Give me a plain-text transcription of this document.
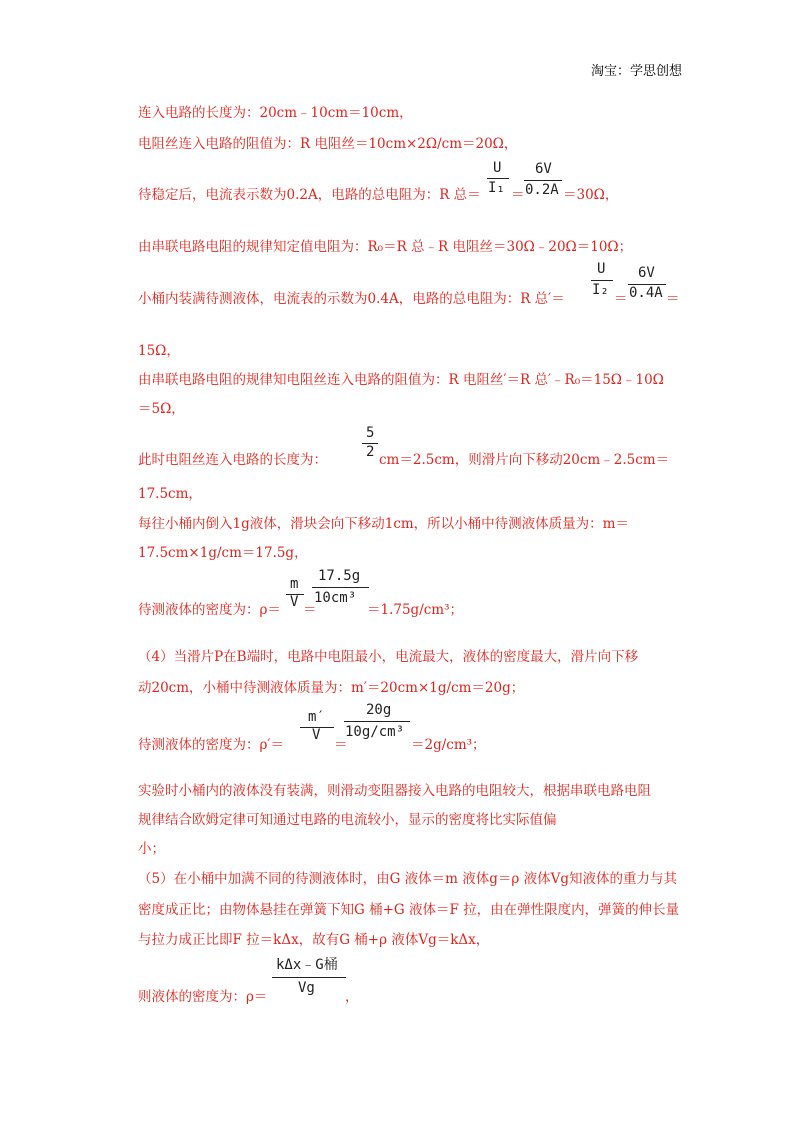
淘宝：学思创想
连入电路的长度为：20cm﹣10cm＝10cm，
电阻丝连入电路的阻值为：R 电阻丝＝10cm×2Ω/cm＝20Ω，
待稳定后，电流表示数为0.2A，电路的总电阻为：R 总＝
U
I₁ ＝
6V
0.2A ＝30Ω，
由串联电路电阻的规律知定值电阻为：R₀＝R 总﹣R 电阻丝＝30Ω﹣20Ω＝10Ω；
小桶内装满待测液体，电流表的示数为0.4A，电路的总电阻为：R 总′＝
U
I₂
＝
6V
0.4A ＝
15Ω，
由串联电路电阻的规律知电阻丝连入电路的阻值为：R 电阻丝′＝R 总′﹣R₀＝15Ω﹣10Ω
＝5Ω，
此时电阻丝连入电路的长度为：
5
2 cm＝2.5cm，则滑片向下移动20cm﹣2.5cm＝
17.5cm，
每往小桶内倒入1g液体，滑块会向下移动1cm，所以小桶中待测液体质量为：m＝
17.5cm×1g/cm＝17.5g，
待测液体的密度为：ρ＝
m
V ＝
17.5g
10cm³
＝1.75g/cm³；
（4）当滑片P在B端时，电路中电阻最小，电流最大，液体的密度最大，滑片向下移
动20cm，小桶中待测液体质量为：m′＝20cm×1g/cm＝20g；
待测液体的密度为：ρ′＝
m′
V
＝
20g
10g/cm³
＝2g/cm³；
实验时小桶内的液体没有装满，则滑动变阻器接入电路的电阻较大，根据串联电路电阻
规律结合欧姆定律可知通过电路的电流较小，显示的密度将比实际值偏
小；
（5）在小桶中加满不同的待测液体时，由G 液体＝m 液体g＝ρ 液体Vg知液体的重力与其
密度成正比；由物体悬挂在弹簧下知G 桶+G 液体＝F 拉，由在弹性限度内，弹簧的伸长量
与拉力成正比即F 拉＝kΔx，故有G 桶+ρ 液体Vg＝kΔx，
则液体的密度为：ρ＝
kΔx﹣G桶
Vg
，
